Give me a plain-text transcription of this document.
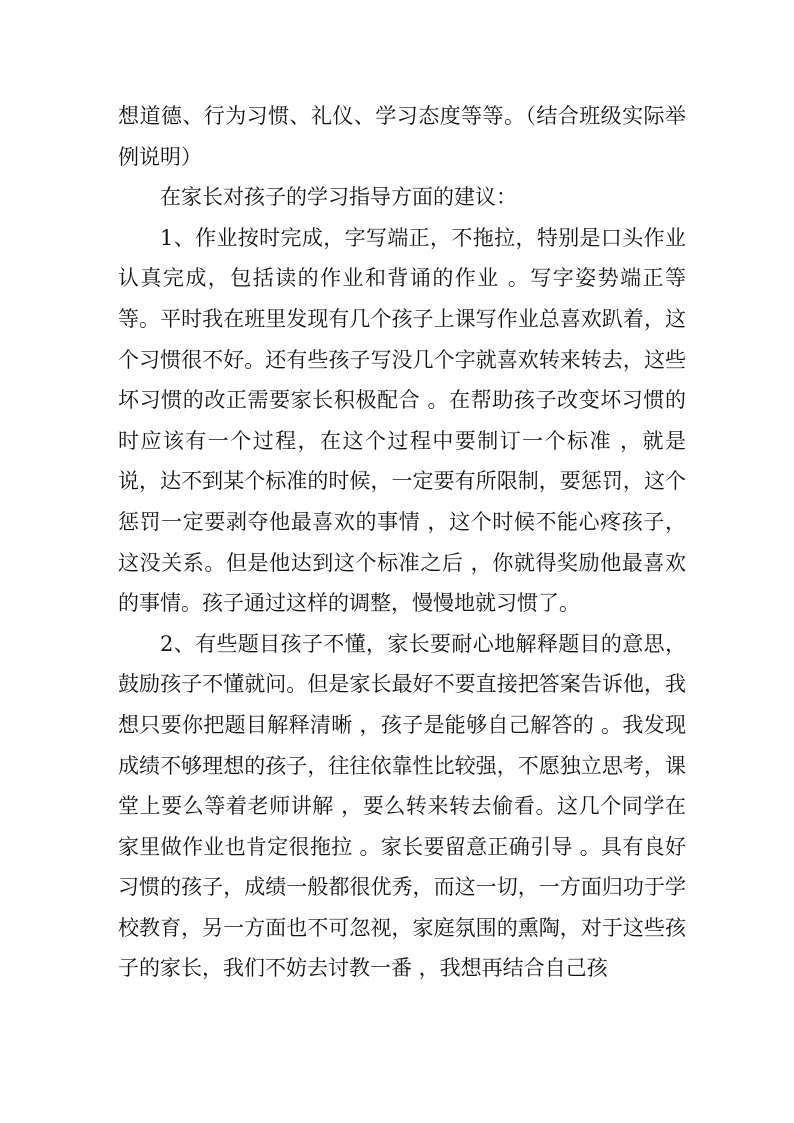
想道德、行为习惯、礼仪、学习态度等等。（结合班级实际举例说明）

在家长对孩子的学习指导方面的建议：

1、作业按时完成，字写端正，不拖拉，特别是口头作业认真完成，包括读的作业和背诵的作业 。写字姿势端正等等。平时我在班里发现有几个孩子上课写作业总喜欢趴着，这个习惯很不好。还有些孩子写没几个字就喜欢转来转去，这些坏习惯的改正需要家长积极配合 。在帮助孩子改变坏习惯的时应该有一个过程，在这个过程中要制订一个标准 ，就是说，达不到某个标准的时候，一定要有所限制，要惩罚，这个惩罚一定要剥夺他最喜欢的事情 ，这个时候不能心疼孩子，这没关系。但是他达到这个标准之后 ，你就得奖励他最喜欢的事情。孩子通过这样的调整，慢慢地就习惯了。

2、有些题目孩子不懂，家长要耐心地解释题目的意思，鼓励孩子不懂就问。但是家长最好不要直接把答案告诉他，我想只要你把题目解释清晰 ，孩子是能够自己解答的 。我发现成绩不够理想的孩子，往往依靠性比较强，不愿独立思考，课堂上要么等着老师讲解 ，要么转来转去偷看。这几个同学在家里做作业也肯定很拖拉 。家长要留意正确引导 。具有良好习惯的孩子，成绩一般都很优秀，而这一切，一方面归功于学校教育，另一方面也不可忽视，家庭氛围的熏陶，对于这些孩子的家长，我们不妨去讨教一番 ，我想再结合自己孩
